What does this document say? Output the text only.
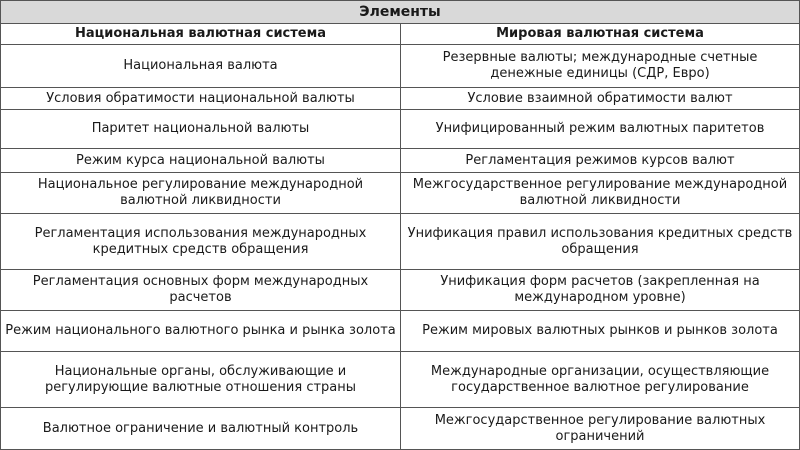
Элементы	
Национальная валютная система	Мировая валютная система
Национальная валюта	Резервные валюты; международные счетные денежные единицы (СДР, Евро)
Условия обратимости национальной валюты	Условие взаимной обратимости валют
Паритет национальной валюты	Унифицированный режим валютных паритетов
Режим курса национальной валюты	Регламентация режимов курсов валют
Национальное регулирование международной валютной ликвидности	Межгосударственное регулирование международной валютной ликвидности
Регламентация использования международных кредитных средств обращения	Унификация правил использования кредитных средств обращения
Регламентация основных форм международных расчетов	Унификация форм расчетов (закрепленная на международном уровне)
Режим национального валютного рынка и рынка золота	Режим мировых валютных рынков и рынков золота
Национальные органы, обслуживающие и регулирующие валютные отношения страны	Международные организации, осуществляющие государственное валютное регулирование
Валютное ограничение и валютный контроль	Межгосударственное регулирование валютных ограничений
